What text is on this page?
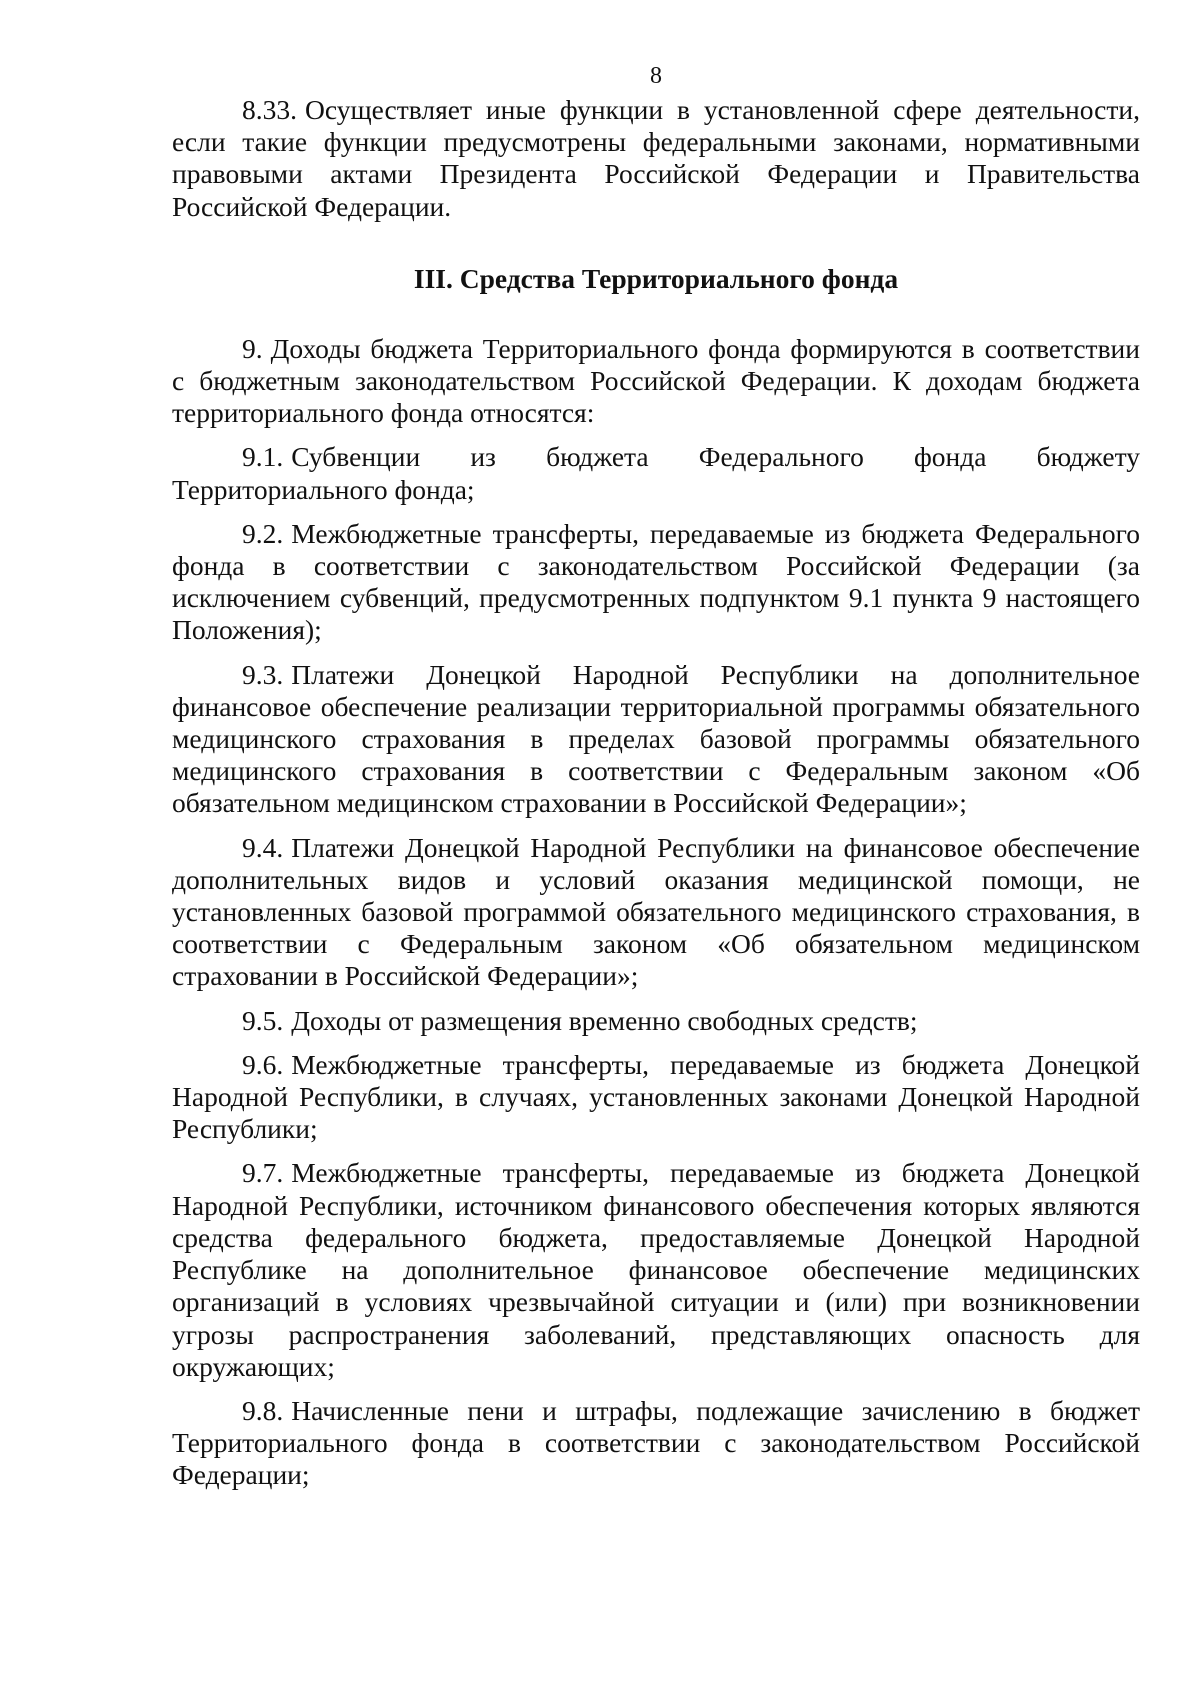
8

8.33. Осуществляет иные функции в установленной сфере деятельности, если такие функции предусмотрены федеральными законами, нормативными правовыми актами Президента Российской Федерации и Правительства Российской Федерации.

III. Средства Территориального фонда

9. Доходы бюджета Территориального фонда формируются в соответствии с бюджетным законодательством Российской Федерации. К доходам бюджета территориального фонда относятся:

9.1. Субвенции из бюджета Федерального фонда бюджету Территориального фонда;

9.2. Межбюджетные трансферты, передаваемые из бюджета Федерального фонда в соответствии с законодательством Российской Федерации (за исключением субвенций, предусмотренных подпунктом 9.1 пункта 9 настоящего Положения);

9.3. Платежи Донецкой Народной Республики на дополнительное финансовое обеспечение реализации территориальной программы обязательного медицинского страхования в пределах базовой программы обязательного медицинского страхования в соответствии с Федеральным законом «Об обязательном медицинском страховании в Российской Федерации»;

9.4. Платежи Донецкой Народной Республики на финансовое обеспечение дополнительных видов и условий оказания медицинской помощи, не установленных базовой программой обязательного медицинского страхования, в соответствии с Федеральным законом «Об обязательном медицинском страховании в Российской Федерации»;

9.5. Доходы от размещения временно свободных средств;

9.6. Межбюджетные трансферты, передаваемые из бюджета Донецкой Народной Республики, в случаях, установленных законами Донецкой Народной Республики;

9.7. Межбюджетные трансферты, передаваемые из бюджета Донецкой Народной Республики, источником финансового обеспечения которых являются средства федерального бюджета, предоставляемые Донецкой Народной Республике на дополнительное финансовое обеспечение медицинских организаций в условиях чрезвычайной ситуации и (или) при возникновении угрозы распространения заболеваний, представляющих опасность для окружающих;

9.8. Начисленные пени и штрафы, подлежащие зачислению в бюджет Территориального фонда в соответствии с законодательством Российской Федерации;
